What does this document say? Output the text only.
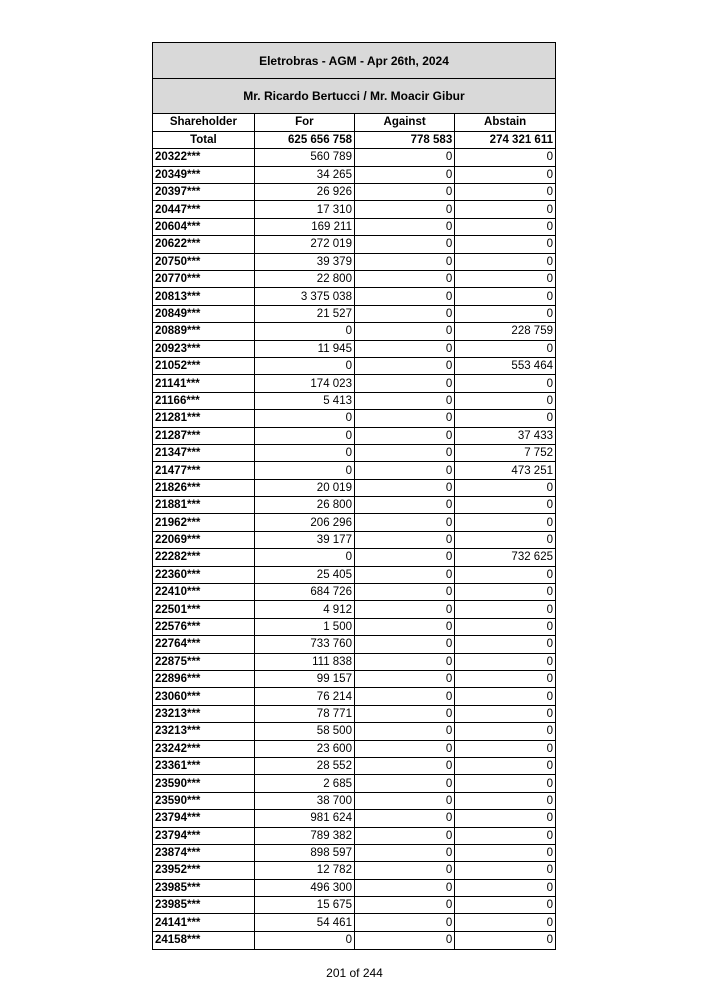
Eletrobras - AGM - Apr 26th, 2024
Mr. Ricardo Bertucci / Mr. Moacir Gibur
Shareholder	For	Against	Abstain
Total	625 656 758	778 583	274 321 611
20322***	560 789	0	0
20349***	34 265	0	0
20397***	26 926	0	0
20447***	17 310	0	0
20604***	169 211	0	0
20622***	272 019	0	0
20750***	39 379	0	0
20770***	22 800	0	0
20813***	3 375 038	0	0
20849***	21 527	0	0
20889***	0	0	228 759
20923***	11 945	0	0
21052***	0	0	553 464
21141***	174 023	0	0
21166***	5 413	0	0
21281***	0	0	0
21287***	0	0	37 433
21347***	0	0	7 752
21477***	0	0	473 251
21826***	20 019	0	0
21881***	26 800	0	0
21962***	206 296	0	0
22069***	39 177	0	0
22282***	0	0	732 625
22360***	25 405	0	0
22410***	684 726	0	0
22501***	4 912	0	0
22576***	1 500	0	0
22764***	733 760	0	0
22875***	111 838	0	0
22896***	99 157	0	0
23060***	76 214	0	0
23213***	78 771	0	0
23213***	58 500	0	0
23242***	23 600	0	0
23361***	28 552	0	0
23590***	2 685	0	0
23590***	38 700	0	0
23794***	981 624	0	0
23794***	789 382	0	0
23874***	898 597	0	0
23952***	12 782	0	0
23985***	496 300	0	0
23985***	15 675	0	0
24141***	54 461	0	0
24158***	0	0	0
201 of 244
